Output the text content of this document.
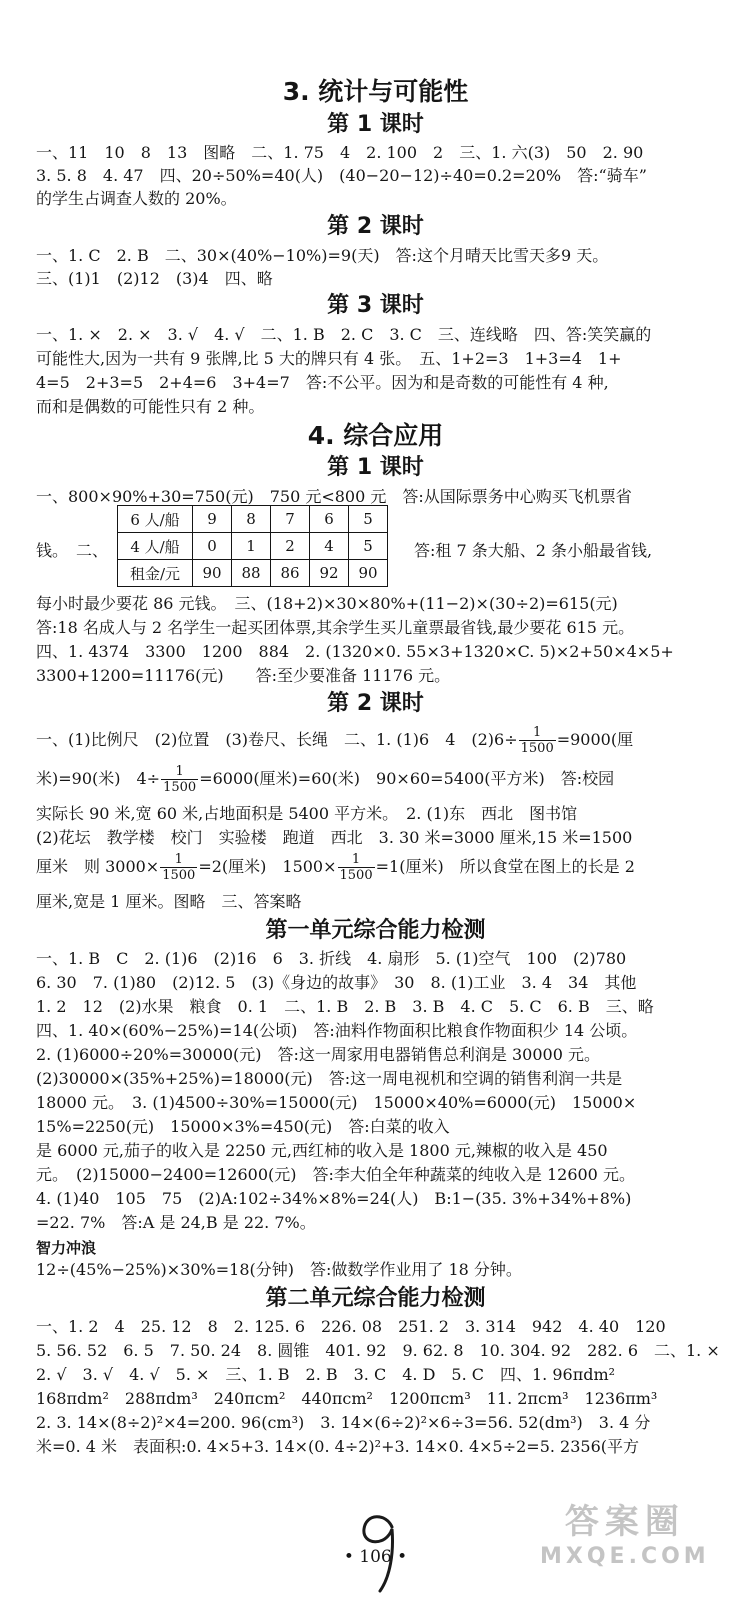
3. 统计与可能性
第 1 课时
一、11　10　8　13　图略　二、1. 75　4　2. 100　2　三、1. 六(3)　50　2. 90
3. 5. 8　4. 47　四、20÷50%=40(人)　(40−20−12)÷40=0.2=20%　答:“骑车”
的学生占调查人数的 20%。
第 2 课时
一、1. C　2. B　二、30×(40%−10%)=9(天)　答:这个月晴天比雪天多9 天。
三、(1)1　(2)12　(3)4　四、略
第 3 课时
一、1. ×　2. ×　3. √　4. √　二、1. B　2. C　3. C　三、连线略　四、答:笑笑赢的
可能性大,因为一共有 9 张牌,比 5 大的牌只有 4 张。　五、1+2=3　1+3=4　1+
4=5　2+3=5　2+4=6　3+4=7　答:不公平。因为和是奇数的可能性有 4 种,
而和是偶数的可能性只有 2 种。
4. 综合应用
第 1 课时
一、800×90%+30=750(元)　750 元<800 元　答:从国际票务中心购买飞机票省
钱。　二、
6 人/船	9	8	7	6	5
4 人/船	0	1	2	4	5
租金/元	90	88	86	92	90
答:租 7 条大船、2 条小船最省钱,
每小时最少要花 86 元钱。　三、(18+2)×30×80%+(11−2)×(30÷2)=615(元)
答:18 名成人与 2 名学生一起买团体票,其余学生买儿童票最省钱,最少要花 615 元。
四、1. 4374　3300　1200　884　2. (1320×0. 55×3+1320×C. 5)×2+50×4×5+
3300+1200=11176(元)　　答:至少要准备 11176 元。
第 2 课时
一、(1)比例尺　(2)位置　(3)卷尺、长绳　二、1. (1)6　4　$(2)6\div \frac{1}{1500} =9000$(厘
米)=90(米)　$4\div \frac{1}{1500} =6000$(厘米)=60(米)　90×60=5400(平方米)　答:校园
实际长 90 米,宽 60 米,占地面积是 5400 平方米。　2. (1)东　西北　图书馆
(2)花坛　教学楼　校门　实验楼　跑道　西北　3. 30 米=3000 厘米,15 米=1500
厘米　则 $3000\times \frac{1}{1500} =2$(厘米)　$1500\times \frac{1}{1500} =1$(厘米)　所以食堂在图上的长是 2
厘米,宽是 1 厘米。图略　三、答案略
第一单元综合能力检测
一、1. B　C　2. (1)6　(2)16　6　3. 折线　4. 扇形　5. (1)空气　100　(2)780
6. 30　7. (1)80　(2)12. 5　(3)《身边的故事》　30　8. (1)工业　3. 4　34　其他
1. 2　12　(2)水果　粮食　0. 1　二、1. B　2. B　3. B　4. C　5. C　6. B　三、略
四、1. 40×(60%−25%)=14(公顷)　答:油料作物面积比粮食作物面积少 14 公顷。
2. (1)6000÷20%=30000(元)　答:这一周家用电器销售总利润是 30000 元。
(2)30000×(35%+25%)=18000(元)　答:这一周电视机和空调的销售利润一共是
18000 元。　3. (1)4500÷30%=15000(元)　15000×40%=6000(元)　15000×
15%=2250(元)　15000×3%=450(元)　答:白菜的收入
是 6000 元,茄子的收入是 2250 元,西红柿的收入是 1800 元,辣椒的收入是 450
元。　(2)15000−2400=12600(元)　答:李大伯全年种蔬菜的纯收入是 12600 元。
4. (1)40　105　75　(2)A:102÷34%×8%=24(人)　B:1−(35. 3%+34%+8%)
=22. 7%　答:A 是 24,B 是 22. 7%。
智力冲浪
12÷(45%−25%)×30%=18(分钟)　答:做数学作业用了 18 分钟。
第二单元综合能力检测
一、1. 2　4　25. 12　8　2. 125. 6　226. 08　251. 2　3. 314　942　4. 40　120
5. 56. 52　6. 5　7. 50. 24　8. 圆锥　401. 92　9. 62. 8　10. 304. 92　282. 6　二、1. ×
2. √　3. √　4. √　5. ×　三、1. B　2. B　3. C　4. D　5. C　四、1. 96πdm²
168πdm²　288πdm³　240πcm²　440πcm²　1200πcm³　11. 2πcm³　1236πm³
2. 3. 14×(8÷2)²×4=200. 96(cm³)　3. 14×(6÷2)²×6÷3=56. 52(dm³)　3. 4 分
米=0. 4 米　表面积:0. 4×5+3. 14×(0. 4÷2)²+3. 14×0. 4×5÷2=5. 2356(平方
• 106 •
答案圈
MXQE.COM
